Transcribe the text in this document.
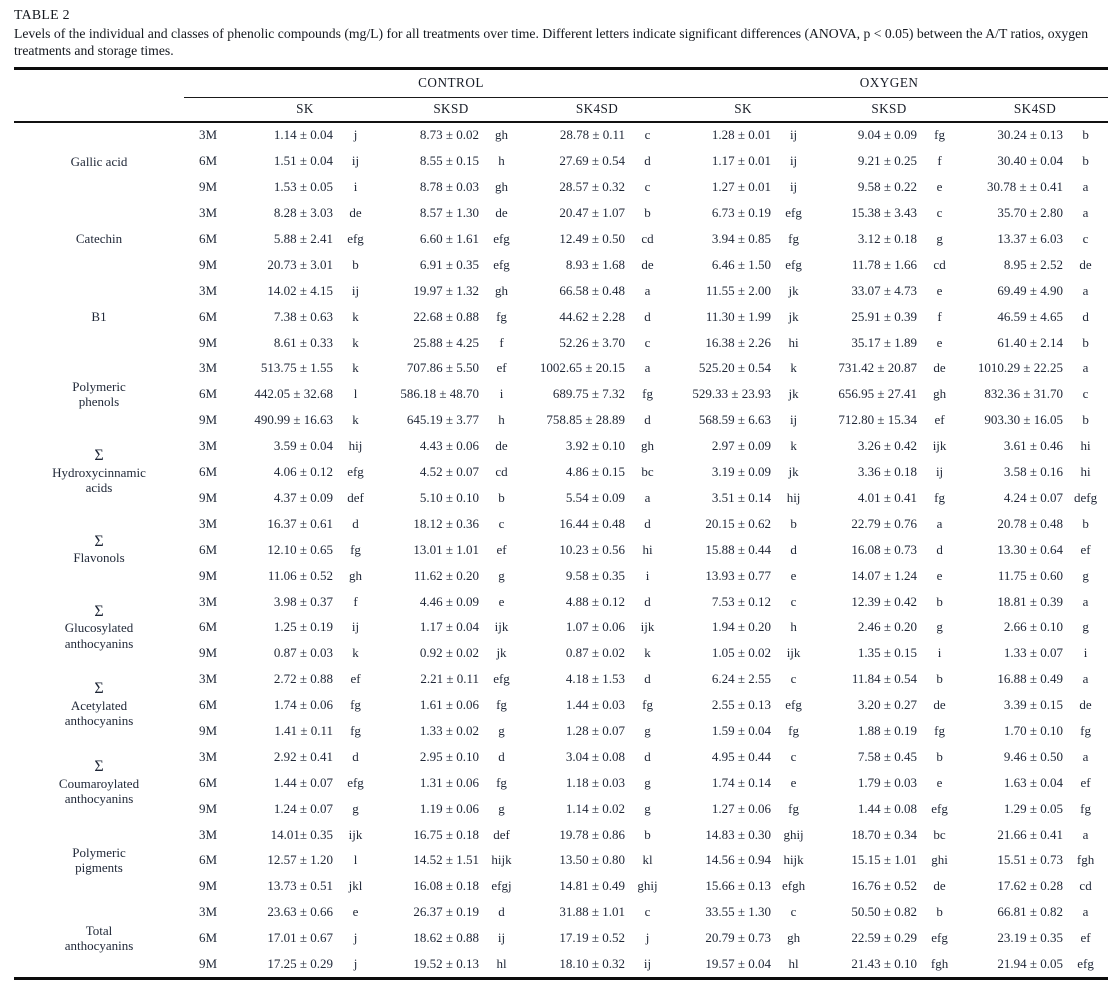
TABLE 2
Levels of the individual and classes of phenolic compounds (mg/L) for all treatments over time. Different letters indicate significant differences (ANOVA, p < 0.05) between the A/T ratios, oxygen treatments and storage times.
		CONTROL						OXYGEN					
		SK		SKSD		SK4SD		SK		SKSD		SK4SD	

Gallic acid	3M	1.14 ± 0.04	j	8.73 ± 0.02	gh	28.78 ± 0.11	c	1.28 ± 0.01	ij	9.04 ± 0.09	fg	30.24 ± 0.13	b
	6M	1.51 ± 0.04	ij	8.55 ± 0.15	h	27.69 ± 0.54	d	1.17 ± 0.01	ij	9.21 ± 0.25	f	30.40 ± 0.04	b
	9M	1.53 ± 0.05	i	8.78 ± 0.03	gh	28.57 ± 0.32	c	1.27 ± 0.01	ij	9.58 ± 0.22	e	30.78 ± ± 0.41	a

Catechin	3M	8.28 ± 3.03	de	8.57 ± 1.30	de	20.47 ± 1.07	b	6.73 ± 0.19	efg	15.38 ± 3.43	c	35.70 ± 2.80	a
	6M	5.88 ± 2.41	efg	6.60 ± 1.61	efg	12.49 ± 0.50	cd	3.94 ± 0.85	fg	3.12 ± 0.18	g	13.37 ± 6.03	c
	9M	20.73 ± 3.01	b	6.91 ± 0.35	efg	8.93 ± 1.68	de	6.46 ± 1.50	efg	11.78 ± 1.66	cd	8.95 ± 2.52	de

B1	3M	14.02 ± 4.15	ij	19.97 ± 1.32	gh	66.58 ± 0.48	a	11.55 ± 2.00	jk	33.07 ± 4.73	e	69.49 ± 4.90	a
	6M	7.38 ± 0.63	k	22.68 ± 0.88	fg	44.62 ± 2.28	d	11.30 ± 1.99	jk	25.91 ± 0.39	f	46.59 ± 4.65	d
	9M	8.61 ± 0.33	k	25.88 ± 4.25	f	52.26 ± 3.70	c	16.38 ± 2.26	hi	35.17 ± 1.89	e	61.40 ± 2.14	b

Polymeric
phenols	3M	513.75 ± 1.55	k	707.86 ± 5.50	ef	1002.65 ± 20.15	a	525.20 ± 0.54	k	731.42 ± 20.87	de	1010.29 ± 22.25	a
	6M	442.05 ± 32.68	l	586.18 ± 48.70	i	689.75 ± 7.32	fg	529.33 ± 23.93	jk	656.95 ± 27.41	gh	832.36 ± 31.70	c
	9M	490.99 ± 16.63	k	645.19 ± 3.77	h	758.85 ± 28.89	d	568.59 ± 6.63	ij	712.80 ± 15.34	ef	903.30 ± 16.05	b

Σ
Hydroxycinnamic
acids	3M	3.59 ± 0.04	hij	4.43 ± 0.06	de	3.92 ± 0.10	gh	2.97 ± 0.09	k	3.26 ± 0.42	ijk	3.61 ± 0.46	hi
	6M	4.06 ± 0.12	efg	4.52 ± 0.07	cd	4.86 ± 0.15	bc	3.19 ± 0.09	jk	3.36 ± 0.18	ij	3.58 ± 0.16	hi
	9M	4.37 ± 0.09	def	5.10 ± 0.10	b	5.54 ± 0.09	a	3.51 ± 0.14	hij	4.01 ± 0.41	fg	4.24 ± 0.07	defg

Σ
Flavonols	3M	16.37 ± 0.61	d	18.12 ± 0.36	c	16.44 ± 0.48	d	20.15 ± 0.62	b	22.79 ± 0.76	a	20.78 ± 0.48	b
	6M	12.10 ± 0.65	fg	13.01 ± 1.01	ef	10.23 ± 0.56	hi	15.88 ± 0.44	d	16.08 ± 0.73	d	13.30 ± 0.64	ef
	9M	11.06 ± 0.52	gh	11.62 ± 0.20	g	9.58 ± 0.35	i	13.93 ± 0.77	e	14.07 ± 1.24	e	11.75 ± 0.60	g

Σ
Glucosylated
anthocyanins	3M	3.98 ± 0.37	f	4.46 ± 0.09	e	4.88 ± 0.12	d	7.53 ± 0.12	c	12.39 ± 0.42	b	18.81 ± 0.39	a
	6M	1.25 ± 0.19	ij	1.17 ± 0.04	ijk	1.07 ± 0.06	ijk	1.94 ± 0.20	h	2.46 ± 0.20	g	2.66 ± 0.10	g
	9M	0.87 ± 0.03	k	0.92 ± 0.02	jk	0.87 ± 0.02	k	1.05 ± 0.02	ijk	1.35 ± 0.15	i	1.33 ± 0.07	i

Σ
Acetylated
anthocyanins	3M	2.72 ± 0.88	ef	2.21 ± 0.11	efg	4.18 ± 1.53	d	6.24 ± 2.55	c	11.84 ± 0.54	b	16.88 ± 0.49	a
	6M	1.74 ± 0.06	fg	1.61 ± 0.06	fg	1.44 ± 0.03	fg	2.55 ± 0.13	efg	3.20 ± 0.27	de	3.39 ± 0.15	de
	9M	1.41 ± 0.11	fg	1.33 ± 0.02	g	1.28 ± 0.07	g	1.59 ± 0.04	fg	1.88 ± 0.19	fg	1.70 ± 0.10	fg

Σ
Coumaroylated
anthocyanins	3M	2.92 ± 0.41	d	2.95 ± 0.10	d	3.04 ± 0.08	d	4.95 ± 0.44	c	7.58 ± 0.45	b	9.46 ± 0.50	a
	6M	1.44 ± 0.07	efg	1.31 ± 0.06	fg	1.18 ± 0.03	g	1.74 ± 0.14	e	1.79 ± 0.03	e	1.63 ± 0.04	ef
	9M	1.24 ± 0.07	g	1.19 ± 0.06	g	1.14 ± 0.02	g	1.27 ± 0.06	fg	1.44 ± 0.08	efg	1.29 ± 0.05	fg

Polymeric
pigments	3M	14.01± 0.35	ijk	16.75 ± 0.18	def	19.78 ± 0.86	b	14.83 ± 0.30	ghij	18.70 ± 0.34	bc	21.66 ± 0.41	a
	6M	12.57 ± 1.20	l	14.52 ± 1.51	hijk	13.50 ± 0.80	kl	14.56 ± 0.94	hijk	15.15 ± 1.01	ghi	15.51 ± 0.73	fgh
	9M	13.73 ± 0.51	jkl	16.08 ± 0.18	efgj	14.81 ± 0.49	ghij	15.66 ± 0.13	efgh	16.76 ± 0.52	de	17.62 ± 0.28	cd

Total
anthocyanins	3M	23.63 ± 0.66	e	26.37 ± 0.19	d	31.88 ± 1.01	c	33.55 ± 1.30	c	50.50 ± 0.82	b	66.81 ± 0.82	a
	6M	17.01 ± 0.67	j	18.62 ± 0.88	ij	17.19 ± 0.52	j	20.79 ± 0.73	gh	22.59 ± 0.29	efg	23.19 ± 0.35	ef
	9M	17.25 ± 0.29	j	19.52 ± 0.13	hl	18.10 ± 0.32	ij	19.57 ± 0.04	hl	21.43 ± 0.10	fgh	21.94 ± 0.05	efg
